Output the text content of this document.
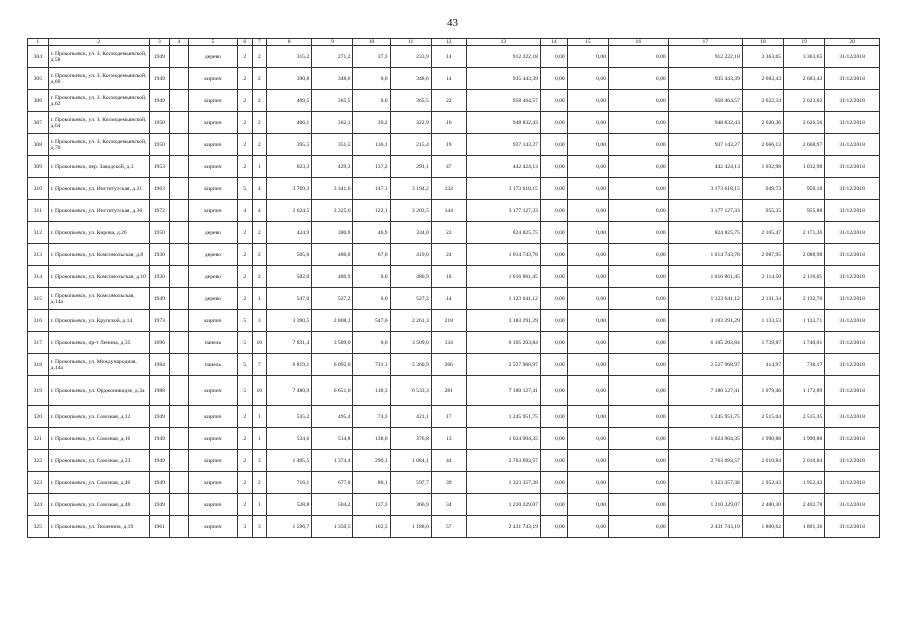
43
1	2	3	4	5	6	7	8	9	10	11	12	13	14	15	16	17	18	19	20
304	г. Прокопьевск, ул. З. Космодемьянской, д.58	1949		дерево	2	2	315,2	271,2	37,3	233,9	14	912 222,18	0,00	0,00	0,00	912 222,18	3 363,65	3 363,65	31/12/2018
305	г. Прокопьевск, ул. З. Космодемьянской, д.60	1949		кирпич	2	2	390,8	348,6	0,0	348,6	14	935 443,39	0,00	0,00	0,00	935 443,39	2 683,43	2 683,43	31/12/2018
306	г. Прокопьевск, ул. З. Космодемьянской, д.62	1949		кирпич	2	2	409,5	365,5	0,0	365,5	22	958 464,57	0,00	0,00	0,00	958 464,57	2 622,34	2 623,02	31/12/2018
307	г. Прокопьевск, ул. З. Космодемьянской, д.64	1950		кирпич	2	2	406,1	362,1	39,2	322,9	16	948 832,43	0,00	0,00	0,00	948 832,43	2 620,36	2 626,56	31/12/2018
308	г. Прокопьевск, ул. З. Космодемьянской, д.70	1950		кирпич	2	2	395,5	351,5	136,1	215,4	19	937 143,27	0,00	0,00	0,00	937 143,27	2 666,13	2 668,97	31/12/2018
309	г. Прокопьевск, пер. Заводской, д.3	1953		кирпич	2	1	823,3	429,3	137,2	291,1	47	442 424,13	0,00	0,00	0,00	442 424,13	1 032,98	1 032,98	31/12/2018
310	г. Прокопьевск, ул. Институтская, д.31	1963		кирпич	5	4	3 769,3	3 341,6	147,1	3 194,2	132	3 173 618,15	0,00	0,00	0,00	3 173 618,15	949,73	950,18	31/12/2018
311	г. Прокопьевск, ул. Институтская, д.36	1972		кирпич	4	4	3 624,5	3 325,6	122,1	3 203,5	144	3 177 127,33	0,00	0,00	0,00	3 177 127,33	955,35	955,88	31/12/2018
312	г. Прокопьевск, ул. Кирова, д.26	1950		дерево	2	2	424,9	380,9	46,9	334,0	22	824 825,75	0,00	0,00	0,00	824 825,75	2 165,47	2 171,36	31/12/2018
313	г. Прокопьевск, ул. Комсомольская, д.8	1930		дерево	2	2	505,0	486,0	67,0	419,0	24	1 014 743,78	0,00	0,00	0,00	1 014 743,78	2 087,95	2 088,98	31/12/2018
314	г. Прокопьевск, ул. Комсомольская, д.10	1930		дерево	2	2	502,0	480,9	0,0	480,9	18	1 016 861,45	0,00	0,00	0,00	1 016 861,45	2 114,50	2 116,05	31/12/2018
315	г. Прокопьевск, ул. Комсомольская, д.14а	1949		дерево	2	1	547,0	527,2	0,0	527,2	14	1 123 641,12	0,00	0,00	0,00	1 123 641,12	2 131,34	2 132,76	31/12/2018
316	г. Прокопьевск, ул. Крупской, д.14	1973		кирпич	5	3	3 390,5	2 808,3	547,0	2 261,3	218	3 183 291,29	0,00	0,00	0,00	3 183 291,29	1 133,53	1 133,71	31/12/2018
317	г. Прокопьевск, пр-т Ленина, д.35	1696		панель	5	10	7 831,4	3 509,0	0,0	3 509,0	134	6 105 203,84	0,00	0,00	0,00	6 105 203,84	1 739,87	1 740,01	31/12/2018
318	г. Прокопьевск, ул. Международная, д.14а	1984		панель	5	7	6 819,1	6 092,0	731,1	5 360,9	266	2 527 968,97	0,00	0,00	0,00	2 527 968,97	414,97	738,17	31/12/2018
319	г. Прокопьевск, ул. Орджоникидзе, д.3а	1988		кирпич	5	10	7 480,9	6 651,6	118,3	6 533,3	281	7 180 127,41	0,00	0,00	0,00	7 180 127,41	1 079,46	1 172,89	31/12/2018
320	г. Прокопьевск, ул. Союзная, д.12	1949		кирпич	2	1	535,2	495,4	74,3	421,1	17	1 245 951,75	0,00	0,00	0,00	1 245 951,75	2 515,04	2 515,35	31/12/2018
321	г. Прокопьевск, ул. Союзная, д.16	1949		кирпич	2	1	534,6	514,8	138,0	376,8	13	1 024 904,35	0,00	0,00	0,00	1 024 904,35	1 990,88	1 990,88	31/12/2018
322	г. Прокопьевск, ул. Союзная, д.23	1949		кирпич	2	3	1 495,5	1 374,4	290,3	1 084,1	44	2 763 693,57	0,00	0,00	0,00	2 763 693,57	2 010,84	2 010,84	31/12/2018
323	г. Прокопьевск, ул. Союзная, д.46	1949		кирпич	2	2	716,1	677,8	80,1	597,7	39	1 323 357,38	0,00	0,00	0,00	1 323 357,38	1 952,43	1 952,43	31/12/2018
324	г. Прокопьевск, ул. Союзная, д.48	1949		кирпич	2	1	528,8	504,2	137,3	366,9	34	1 210 229,07	0,00	0,00	0,00	1 210 229,07	2 400,30	2 402,78	31/12/2018
325	г. Прокопьевск, ул. Тюленина, д.19	1961		кирпич	3	3	1 596,7	1 350,5	162,5	1 188,0	57	2 431 743,19	0,00	0,00	0,00	2 431 743,19	1 800,62	1 801,36	31/12/2018
